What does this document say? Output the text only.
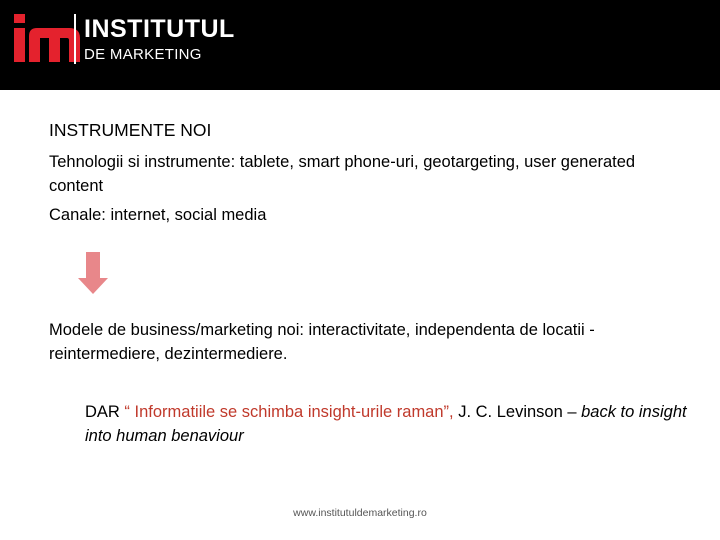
INSTITUTUL
DE MARKETING
INSTRUMENTE NOI
Tehnologii si instrumente: tablete, smart phone-uri, geotargeting, user generated content
Canale: internet, social media
Modele de business/marketing noi: interactivitate, independenta de locatii - reintermediere, dezintermediere.
DAR “ Informatiile se schimba insight-urile raman”, J. C. Levinson – back to insight into human benaviour
www.institutuldemarketing.ro
